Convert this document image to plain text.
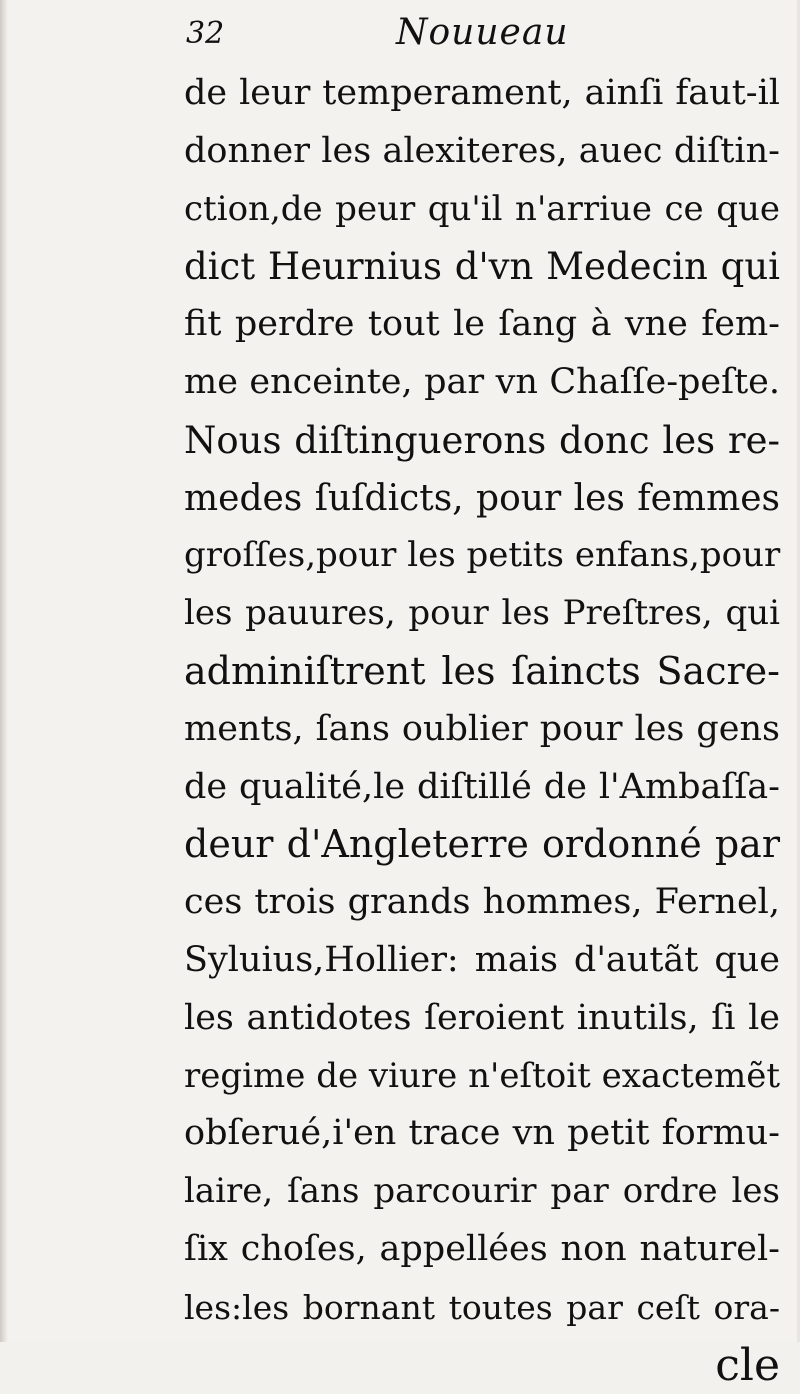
32	Nouueau
de leur temperament, ainſi faut-il
donner les alexiteres, auec diſtin-
ction,de peur qu'il n'arriue ce que
dict Heurnius d'vn Medecin qui
fit perdre tout le ſang à vne fem-
me enceinte, par vn Chaſſe-peſte.
Nous diſtinguerons donc les re-
medes ſuſdicts, pour les femmes
groſſes,pour les petits enfans,pour
les pauures, pour les Preſtres, qui
adminiſtrent les ſaincts Sacre-
ments, ſans oublier pour les gens
de qualité,le diſtillé de l'Ambaſſa-
deur d'Angleterre ordonné par
ces trois grands hommes, Fernel,
Syluius,Hollier: mais d'autãt que
les antidotes ſeroient inutils, ſi le
regime de viure n'eſtoit exactemẽt
obſerué,i'en trace vn petit formu-
laire, ſans parcourir par ordre les
ſix choſes, appellées non naturel-
les:les bornant toutes par ceſt ora-
cle
